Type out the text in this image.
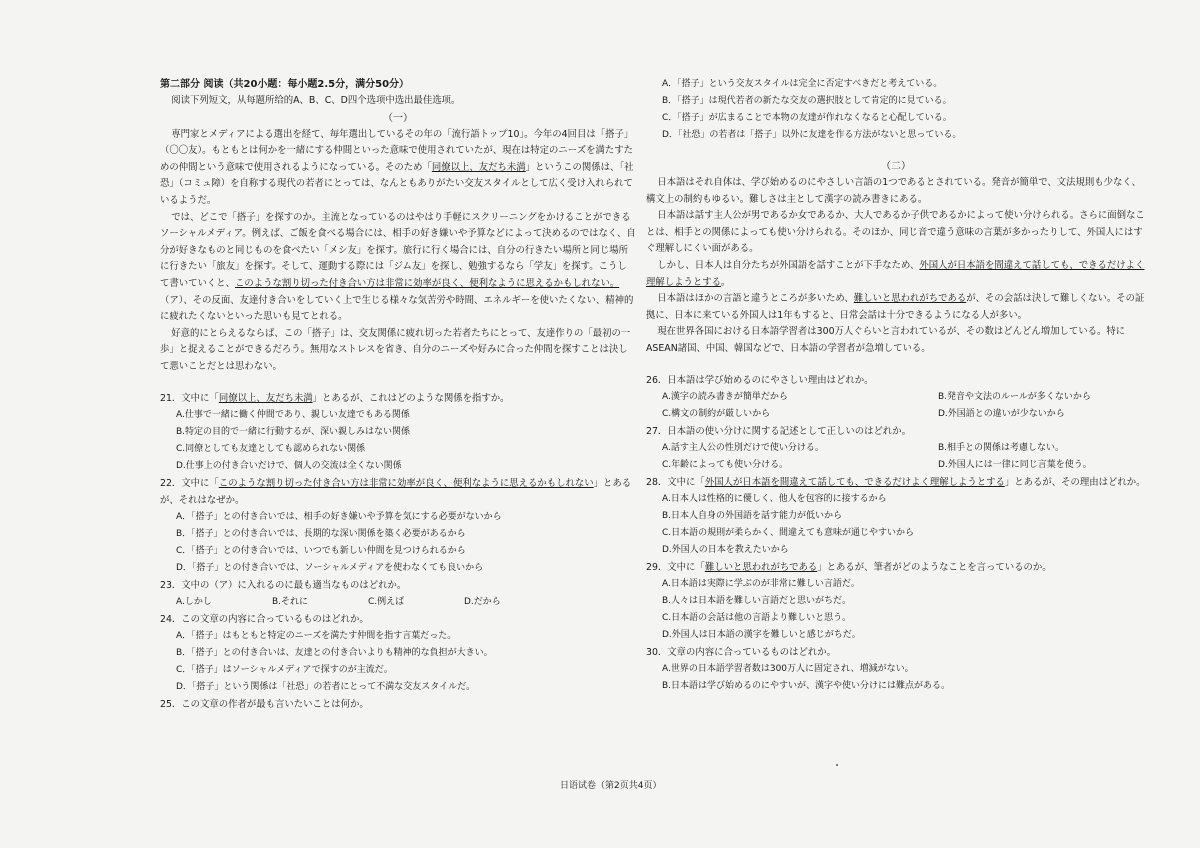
第二部分 阅读（共20小题：每小题2.5分，满分50分）

阅读下列短文，从每题所给的A、B、C、D四个选项中选出最佳选项。

（一）

専門家とメディアによる選出を経て、毎年選出しているその年の「流行語トップ10」。今年の4回目は「搭子」（〇〇友）。もともとは何かを一緒にする仲間といった意味で使用されていたが、現在は特定のニーズを満たすための仲間という意味で使用されるようになっている。そのため「同僚以上、友だち未満」というこの関係は、「社恐」（コミュ障）を自称する現代の若者にとっては、なんともありがたい交友スタイルとして広く受け入れられているようだ。

では、どこで「搭子」を探すのか。主流となっているのはやはり手軽にスクリーニングをかけることができるソーシャルメディア。例えば、ご飯を食べる場合には、相手の好き嫌いや予算などによって決めるのではなく、自分が好きなものと同じものを食べたい「メシ友」を探す。旅行に行く場合には、自分の行きたい場所と同じ場所に行きたい「旅友」を探す。そして、運動する際には「ジム友」を探し、勉強するなら「学友」を探す。こうして書いていくと、このような割り切った付き合い方は非常に効率が良く、便利なように思えるかもしれない。（ア）、その反面、友達付き合いをしていく上で生じる様々な気苦労や時間、エネルギーを使いたくない、精神的に疲れたくないといった思いも見てとれる。

好意的にとらえるならば、この「搭子」は、交友関係に疲れ切った若者たちにとって、友達作りの「最初の一歩」と捉えることができるだろう。無用なストレスを省き、自分のニーズや好みに合った仲間を探すことは決して悪いことだとは思わない。

21．文中に「同僚以上、友だち未満」とあるが、これはどのような関係を指すか。

A.仕事で一緒に働く仲間であり、親しい友達でもある関係

B.特定の目的で一緒に行動するが、深い親しみはない関係

C.同僚としても友達としても認められない関係

D.仕事上の付き合いだけで、個人の交流は全くない関係

22．文中に「このような割り切った付き合い方は非常に効率が良く、便利なように思えるかもしれない」とあるが、それはなぜか。

A．「搭子」との付き合いでは、相手の好き嫌いや予算を気にする必要がないから

B．「搭子」との付き合いでは、長期的な深い関係を築く必要があるから

C．「搭子」との付き合いでは、いつでも新しい仲間を見つけられるから

D．「搭子」との付き合いでは、ソーシャルメディアを使わなくても良いから

23．文中の（ア）に入れるのに最も適当なものはどれか。

A.しかし	B.それに	C.例えば	D.だから

24．この文章の内容に合っているものはどれか。

A．「搭子」はもともと特定のニーズを満たす仲間を指す言葉だった。

B．「搭子」との付き合いは、友達との付き合いよりも精神的な負担が大きい。

C．「搭子」はソーシャルメディアで探すのが主流だ。

D．「搭子」という関係は「社恐」の若者にとって不満な交友スタイルだ。

25．この文章の作者が最も言いたいことは何か。

A．「搭子」という交友スタイルは完全に否定すべきだと考えている。

B．「搭子」は現代若者の新たな交友の選択肢として肯定的に見ている。

C．「搭子」が広まることで本物の友達が作れなくなると心配している。

D．「社恐」の若者は「搭子」以外に友達を作る方法がないと思っている。

（二）

日本語はそれ自体は、学び始めるのにやさしい言語の1つであるとされている。発音が簡単で、文法規則も少なく、構文上の制約もゆるい。難しさは主として漢字の読み書きにある。

日本語は話す主人公が男であるか女であるか、大人であるか子供であるかによって使い分けられる。さらに面倒なことは、相手との関係によっても使い分けられる。そのほか、同じ音で違う意味の言葉が多かったりして、外国人にはすぐ理解しにくい面がある。

しかし、日本人は自分たちが外国語を話すことが下手なため、外国人が日本語を間違えて話しても、できるだけよく理解しようとする。

日本語はほかの言語と違うところが多いため、難しいと思われがちであるが、その会話は決して難しくない。その証拠に、日本に来ている外国人は1年もすると、日常会話は十分できるようになる人が多い。

現在世界各国における日本語学習者は300万人ぐらいと言われているが、その数はどんどん増加している。特にASEAN諸国、中国、韓国などで、日本語の学習者が急増している。

26．日本語は学び始めるのにやさしい理由はどれか。

A.漢字の読み書きが簡単だから	B.発音や文法のルールが多くないから
C.構文の制約が厳しいから	D.外国語との違いが少ないから

27．日本語の使い分けに関する記述として正しいのはどれか。

A.話す主人公の性別だけで使い分ける。	B.相手との関係は考慮しない。
C.年齢によっても使い分ける。	D.外国人には一律に同じ言葉を使う。

28．文中に「外国人が日本語を間違えて話しても、できるだけよく理解しようとする」とあるが、その理由はどれか。

A.日本人は性格的に優しく、他人を包容的に接するから

B.日本人自身の外国語を話す能力が低いから

C.日本語の規則が柔らかく、間違えても意味が通じやすいから

D.外国人の日本を教えたいから

29．文中に「難しいと思われがちである」とあるが、筆者がどのようなことを言っているのか。

A.日本語は実際に学ぶのが非常に難しい言語だ。

B.人々は日本語を難しい言語だと思いがちだ。

C.日本語の会話は他の言語より難しいと思う。

D.外国人は日本語の漢字を難しいと感じがちだ。

30．文章の内容に合っているものはどれか。

A.世界の日本語学習者数は300万人に固定され、増減がない。

B.日本語は学び始めるのにやすいが、漢字や使い分けには難点がある。

日语试卷（第2页共4页）
